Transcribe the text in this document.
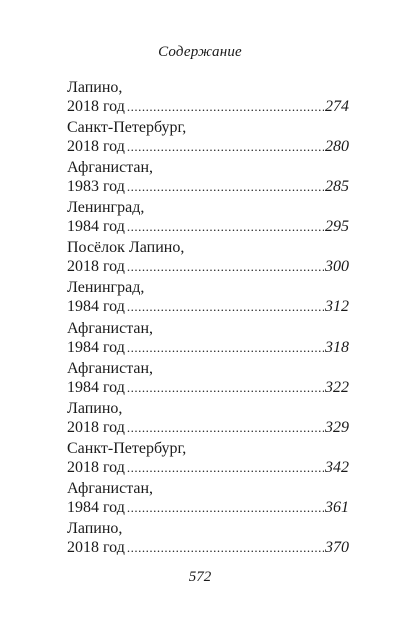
Содержание
Лапино,
2018 год .....	274
Санкт-Петербург,
2018 год .....	280
Афганистан,
1983 год .....	285
Ленинград,
1984 год .....	295
Посёлок Лапино,
2018 год .....	300
Ленинград,
1984 год .....	312
Афганистан,
1984 год .....	318
Афганистан,
1984 год .....	322
Лапино,
2018 год .....	329
Санкт-Петербург,
2018 год .....	342
Афганистан,
1984 год .....	361
Лапино,
2018 год .....	370
572
